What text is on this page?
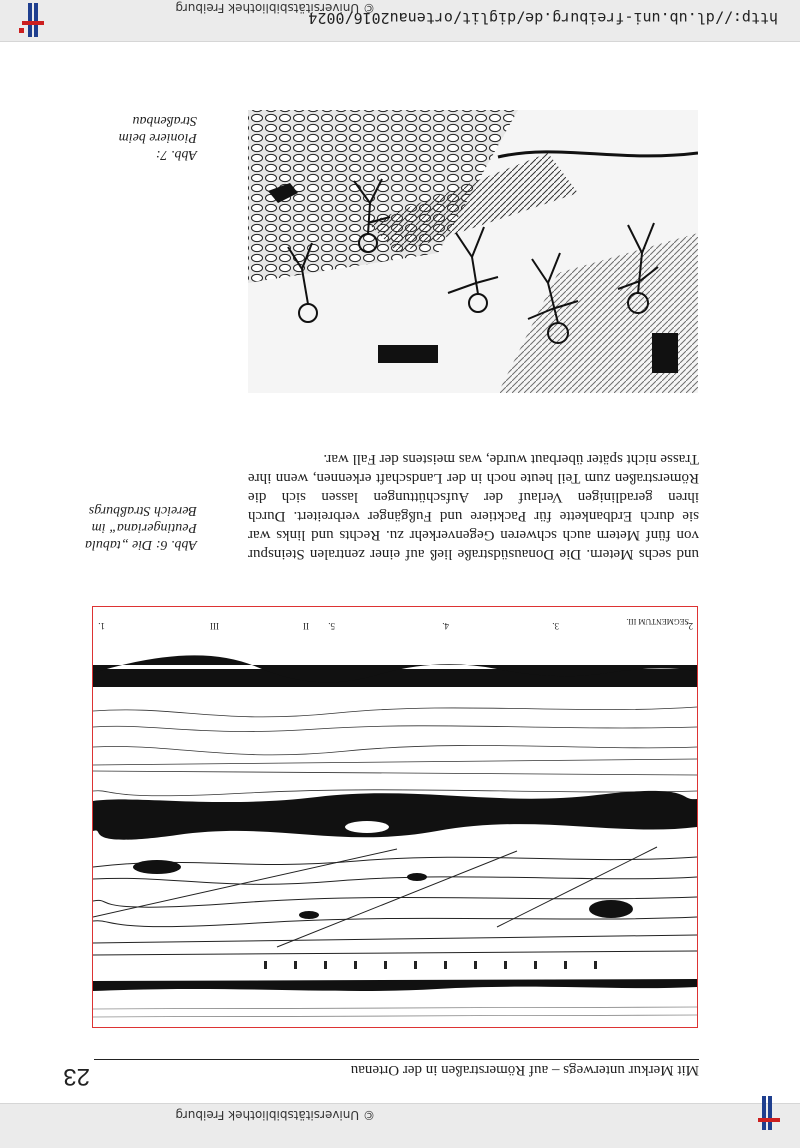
© Universitätsbibliothek Freiburg
http://dl.ub.uni-freiburg.de/diglit/ortenau2016/0024
© Universitätsbibliothek Freiburg
Mit Merkur unterwegs – auf Römerstraßen in der Ortenau
23
SEGMENTUM III.
2.
3.
4.
5.
II
III
1.
Abb. 6: Die „tabula
Peutingeriana“ im
Bereich Straßburgs
Abb. 7:
Pioniere beim
Straßenbau

und sechs Metern. Die Donausüdstraße ließ auf einer zentralen Steinspur von fünf Metern auch schweren Gegenverkehr zu. Rechts und links war sie durch Erdbankette für Packtiere und Fußgänger verbreitert. Durch ihren geradlinigen Verlauf der Aufschüttungen lassen sich die Römerstraßen zum Teil heute noch in der Landschaft erkennen, wenn ihre Trasse nicht später überbaut wurde, was meistens der Fall war.
